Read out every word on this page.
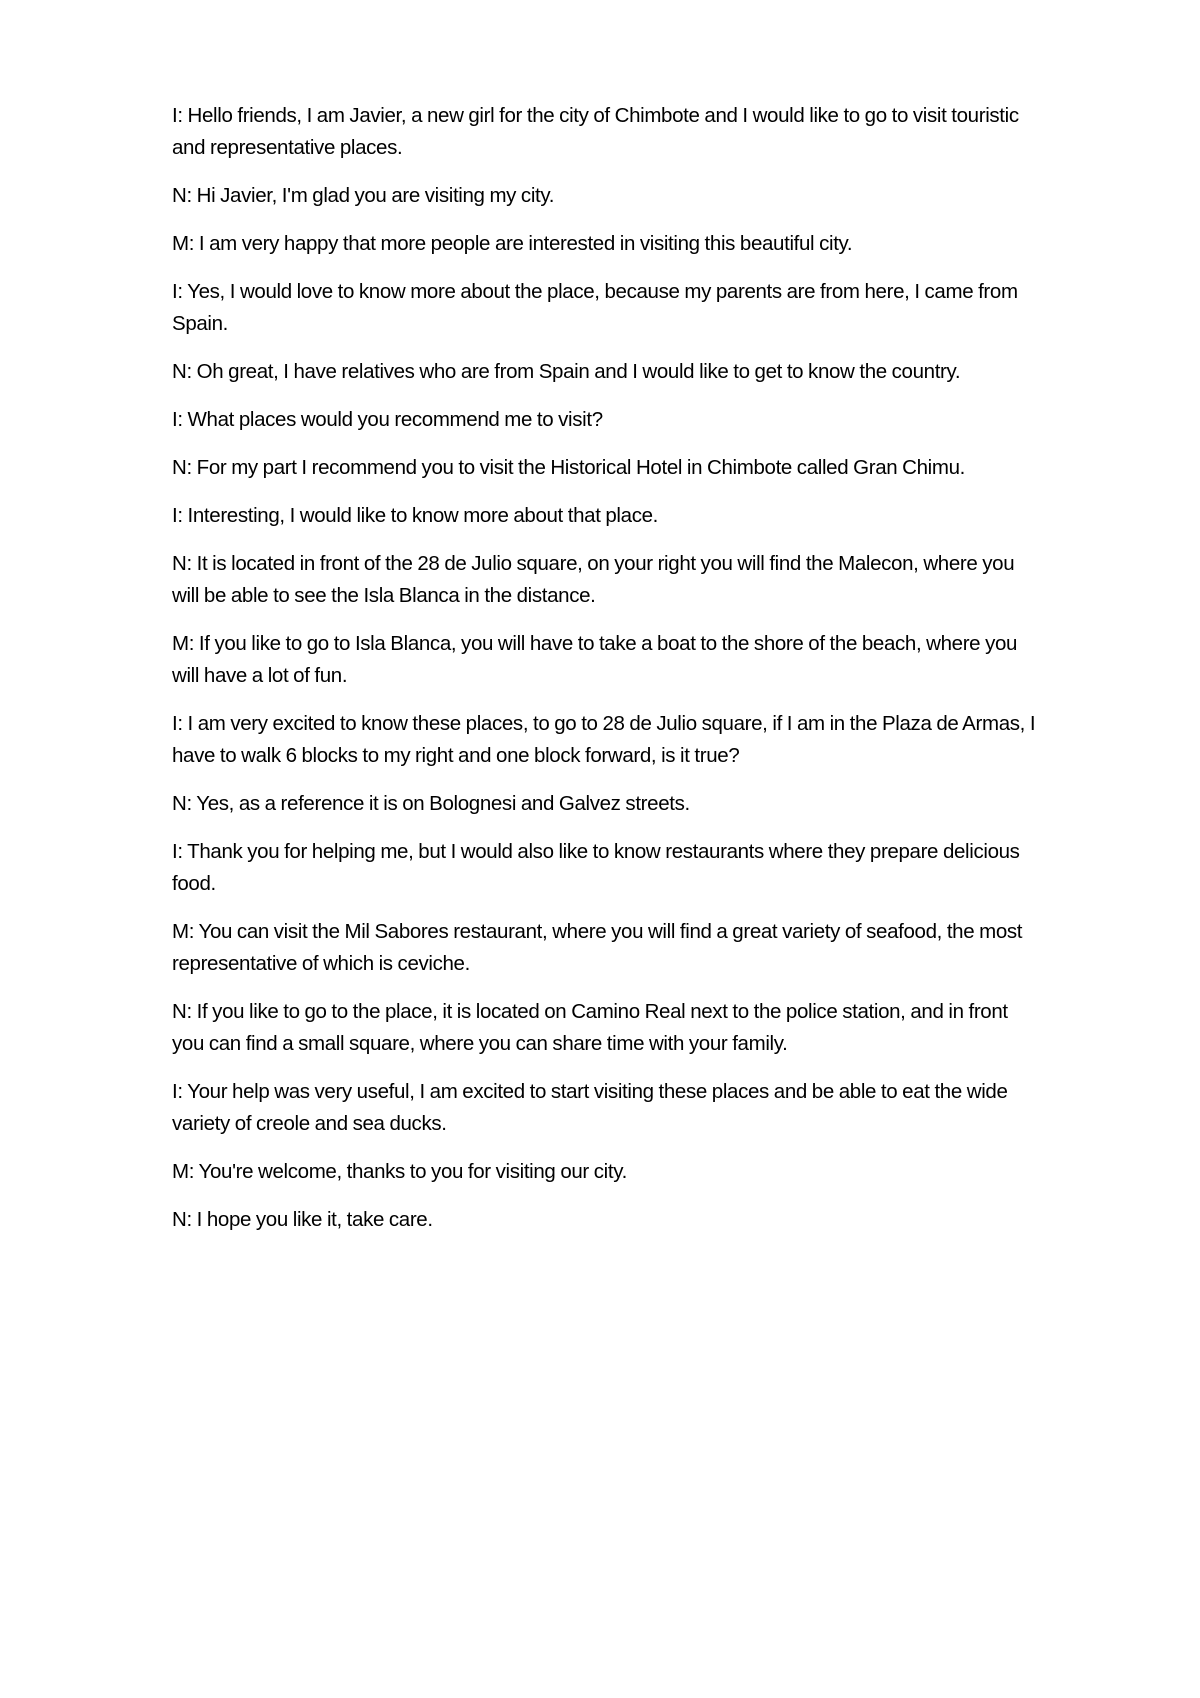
I: Hello friends, I am Javier, a new girl for the city of Chimbote and I would like to go to visit touristic and representative places.

N: Hi Javier, I'm glad you are visiting my city.

M: I am very happy that more people are interested in visiting this beautiful city.

I: Yes, I would love to know more about the place, because my parents are from here, I came from Spain.

N: Oh great, I have relatives who are from Spain and I would like to get to know the country.

I: What places would you recommend me to visit?

N: For my part I recommend you to visit the Historical Hotel in Chimbote called Gran Chimu.

I: Interesting, I would like to know more about that place.

N: It is located in front of the 28 de Julio square, on your right you will find the Malecon, where you will be able to see the Isla Blanca in the distance.

M: If you like to go to Isla Blanca, you will have to take a boat to the shore of the beach, where you will have a lot of fun.

I: I am very excited to know these places, to go to 28 de Julio square, if I am in the Plaza de Armas, I have to walk 6 blocks to my right and one block forward, is it true?

N: Yes, as a reference it is on Bolognesi and Galvez streets.

I: Thank you for helping me, but I would also like to know restaurants where they prepare delicious food.

M: You can visit the Mil Sabores restaurant, where you will find a great variety of seafood, the most representative of which is ceviche.

N: If you like to go to the place, it is located on Camino Real next to the police station, and in front you can find a small square, where you can share time with your family.

I: Your help was very useful, I am excited to start visiting these places and be able to eat the wide variety of creole and sea ducks.

M: You're welcome, thanks to you for visiting our city.

N: I hope you like it, take care.
